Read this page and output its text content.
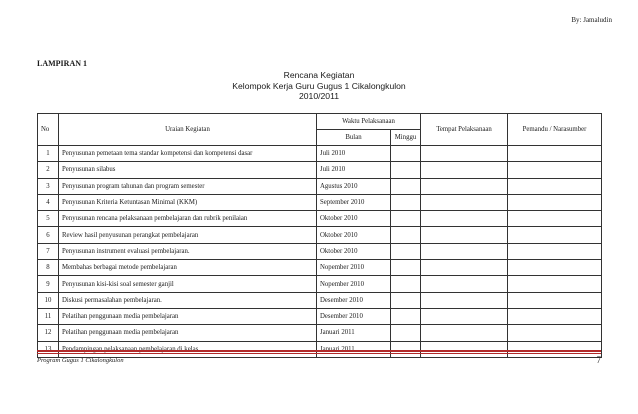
By: Jamaludin
LAMPIRAN 1
Rencana Kegiatan
Kelompok Kerja Guru Gugus 1 Cikalongkulon
2010/2011
No	Uraian Kegiatan	Waktu Pelaksanaan		Tempat Pelaksanaan	Pemandu / Narasumber
		Bulan	Minggu		
1	Penyusunan pemetaan tema standar kompetensi dan kompetensi dasar	Juli 2010			
2	Penyusunan silabus	Juli 2010			
3	Penyusunan program tahunan dan program semester	Agustus 2010			
4	Penyusunan Kriteria Ketuntasan Minimal (KKM)	September 2010			
5	Penyusunan rencana pelaksanaan pembelajaran dan rubrik penilaian	Oktober 2010			
6	Review hasil penyusunan perangkat pembelajaran	Oktober 2010			
7	Penyusunan instrument evaluasi pembelajaran.	Oktober 2010			
8	Membahas berbagai metode pembelajaran	Nopember 2010			
9	Penyusunan kisi-kisi soal semester ganjil	Nopember 2010			
10	Diskusi permasalahan pembelajaran.	Desember 2010			
11	Pelatihan penggunaan media pembelajaran	Desember 2010			
12	Pelatihan penggunaan media pembelajaran	Januari 2011			

Program Gugus 1 Cikalongkulon	7
